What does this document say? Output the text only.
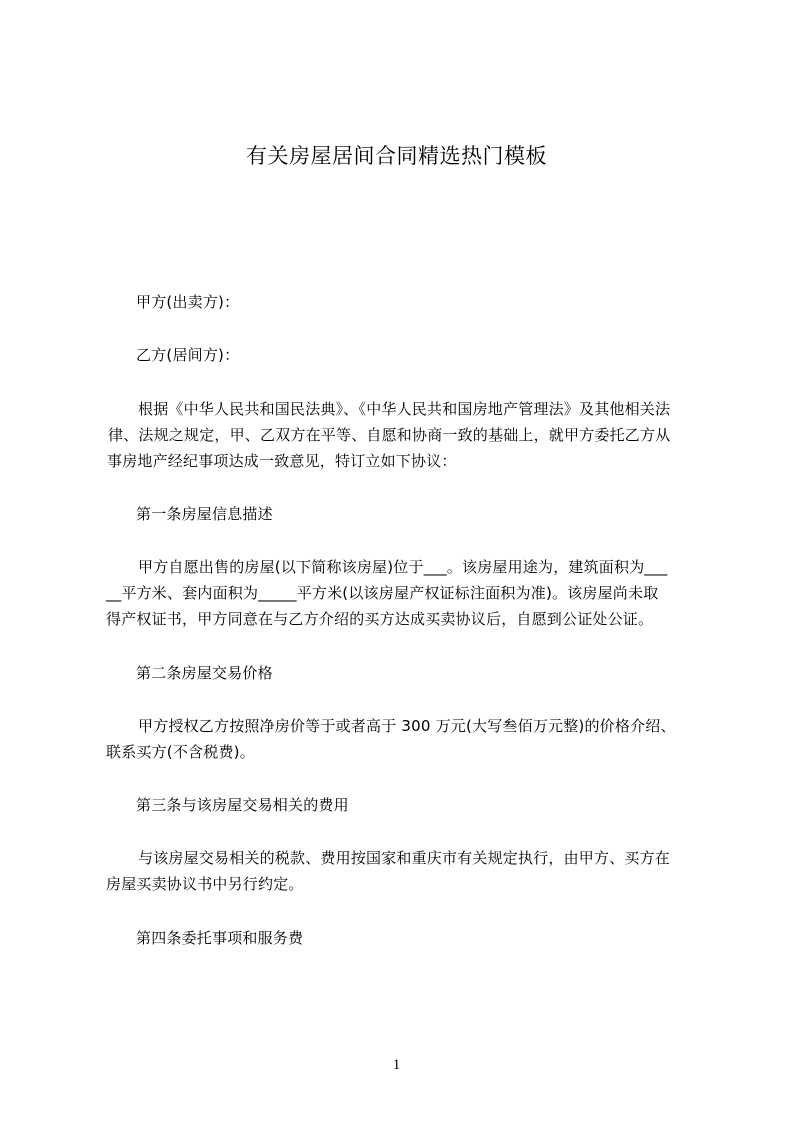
有关房屋居间合同精选热门模板
甲方(出卖方)：
乙方(居间方)：
根据《中华人民共和国民法典》、《中华人民共和国房地产管理法》及其他相关法
律、法规之规定，甲、乙双方在平等、自愿和协商一致的基础上，就甲方委托乙方从
事房地产经纪事项达成一致意见，特订立如下协议：
第一条房屋信息描述
甲方自愿出售的房屋(以下简称该房屋)位于___。该房屋用途为，建筑面积为___
__平方米、套内面积为_____平方米(以该房屋产权证标注面积为准)。该房屋尚未取
得产权证书，甲方同意在与乙方介绍的买方达成买卖协议后，自愿到公证处公证。
第二条房屋交易价格
甲方授权乙方按照净房价等于或者高于 300 万元(大写叁佰万元整)的价格介绍、
联系买方(不含税费)。
第三条与该房屋交易相关的费用
与该房屋交易相关的税款、费用按国家和重庆市有关规定执行，由甲方、买方在
房屋买卖协议书中另行约定。
第四条委托事项和服务费
1
